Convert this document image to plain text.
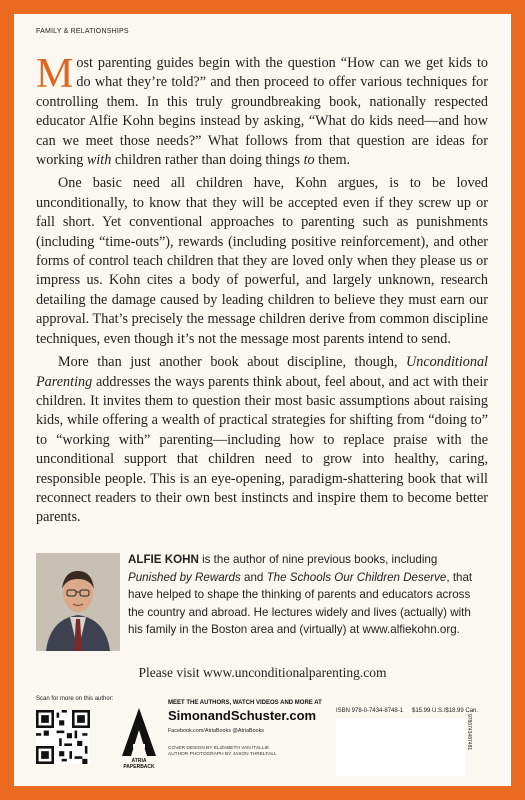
FAMILY & RELATIONSHIPS

Most parenting guides begin with the question “How can we get kids to do what they’re told?” and then proceed to offer various techniques for controlling them. In this truly groundbreaking book, nationally respected educator Alfie Kohn begins instead by asking, “What do kids need—and how can we meet those needs?” What follows from that question are ideas for working with children rather than doing things to them.

One basic need all children have, Kohn argues, is to be loved unconditionally, to know that they will be accepted even if they screw up or fall short. Yet conventional approaches to parenting such as punishments (including “time-outs”), rewards (including positive reinforcement), and other forms of control teach children that they are loved only when they please us or impress us. Kohn cites a body of powerful, and largely unknown, research detailing the damage caused by leading children to believe they must earn our approval. That’s precisely the message children derive from common discipline techniques, even though it’s not the message most parents intend to send.

More than just another book about discipline, though, Unconditional Parenting addresses the ways parents think about, feel about, and act with their children. It invites them to question their most basic assumptions about raising kids, while offering a wealth of practical strategies for shifting from “doing to” to “working with” parenting—including how to replace praise with the unconditional support that children need to grow into healthy, caring, responsible people. This is an eye-opening, paradigm-shattering book that will reconnect readers to their own best instincts and inspire them to become better parents.

ALFIE KOHN is the author of nine previous books, including Punished by Rewards and The Schools Our Children Deserve, that have helped to shape the thinking of parents and educators across the country and abroad. He lectures widely and lives (actually) with his family in the Boston area and (virtually) at www.alfiekohn.org.
Please visit www.unconditionalparenting.com
Scan for more on this author:
ATRIA
PAPERBACK
MEET THE AUTHORS, WATCH VIDEOS AND MORE AT
SimonandSchuster.com
Facebook.com/AtriaBooks @AtriaBooks
COVER DESIGN BY ELIZABETH VAN ITALLIE
AUTHOR PHOTOGRAPH BY JASON THRELFALL
ISBN 978-0-7434-8748-1 $15.99 U.S./$18.99 Can.
9780743487481
